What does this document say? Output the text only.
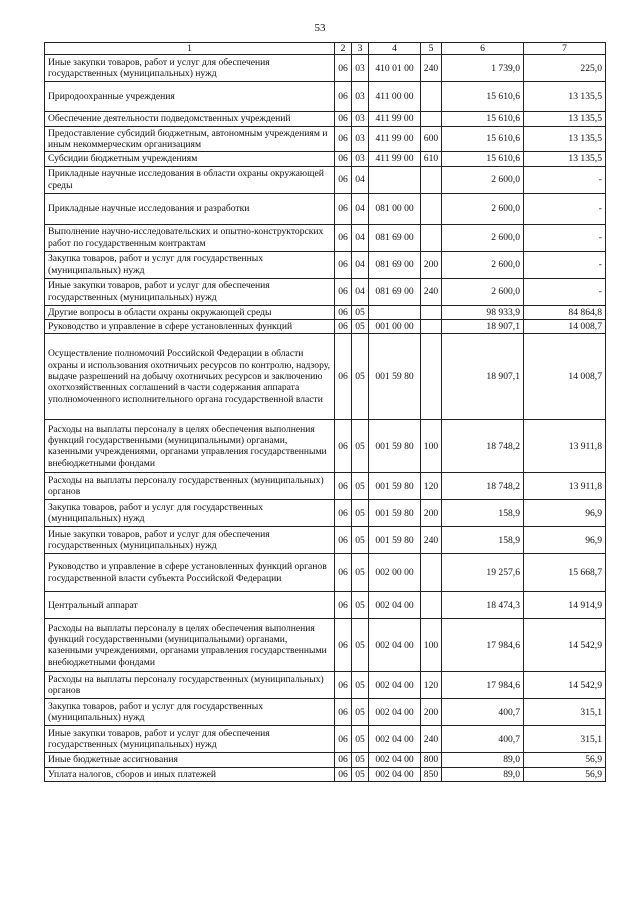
53
1	2	3	4	5	6	7
Иные закупки товаров, работ и услуг для обеспечения государственных (муниципальных) нужд	06	03	410 01 00	240	1 739,0	225,0
Природоохранные учреждения	06	03	411 00 00		15 610,6	13 135,5
Обеспечение деятельности подведомственных учреждений	06	03	411 99 00		15 610,6	13 135,5
Предоставление субсидий бюджетным, автономным учреждениям и иным некоммерческим организациям	06	03	411 99 00	600	15 610,6	13 135,5
Субсидии бюджетным учреждениям	06	03	411 99 00	610	15 610,6	13 135,5
Прикладные научные исследования в области охраны окружающей среды	06	04			2 600,0	-
Прикладные научные исследования и разработки	06	04	081 00 00		2 600,0	-
Выполнение научно-исследовательских и опытно-конструкторских работ по государственным контрактам	06	04	081 69 00		2 600,0	-
Закупка товаров, работ и услуг для государственных (муниципальных) нужд	06	04	081 69 00	200	2 600,0	-
Иные закупки товаров, работ и услуг для обеспечения государственных (муниципальных) нужд	06	04	081 69 00	240	2 600,0	-
Другие вопросы в области охраны окружающей среды	06	05			98 933,9	84 864,8
Руководство и управление в сфере установленных функций	06	05	001 00 00		18 907,1	14 008,7
Осуществление полномочий Российской Федерации в области охраны и использования охотничьих ресурсов по контролю, надзору, выдаче разрешений на добычу охотничьих ресурсов и заключению охотхозяйственных соглашений в части содержания аппарата уполномоченного исполнительного органа государственной власти	06	05	001 59 80		18 907,1	14 008,7
Расходы на выплаты персоналу в целях обеспечения выполнения функций государственными (муниципальными) органами, казенными учреждениями, органами управления государственными внебюджетными фондами	06	05	001 59 80	100	18 748,2	13 911,8
Расходы на выплаты персоналу государственных (муниципальных) органов	06	05	001 59 80	120	18 748,2	13 911,8
Закупка товаров, работ и услуг для государственных (муниципальных) нужд	06	05	001 59 80	200	158,9	96,9
Иные закупки товаров, работ и услуг для обеспечения государственных (муниципальных) нужд	06	05	001 59 80	240	158,9	96,9
Руководство и управление в сфере установленных функций органов государственной власти субъекта Российской Федерации	06	05	002 00 00		19 257,6	15 668,7
Центральный аппарат	06	05	002 04 00		18 474,3	14 914,9
Расходы на выплаты персоналу в целях обеспечения выполнения функций государственными (муниципальными) органами, казенными учреждениями, органами управления государственными внебюджетными фондами	06	05	002 04 00	100	17 984,6	14 542,9
Расходы на выплаты персоналу государственных (муниципальных) органов	06	05	002 04 00	120	17 984,6	14 542,9
Закупка товаров, работ и услуг для государственных (муниципальных) нужд	06	05	002 04 00	200	400,7	315,1
Иные закупки товаров, работ и услуг для обеспечения государственных (муниципальных) нужд	06	05	002 04 00	240	400,7	315,1
Иные бюджетные ассигнования	06	05	002 04 00	800	89,0	56,9
Уплата налогов, сборов и иных платежей	06	05	002 04 00	850	89,0	56,9
